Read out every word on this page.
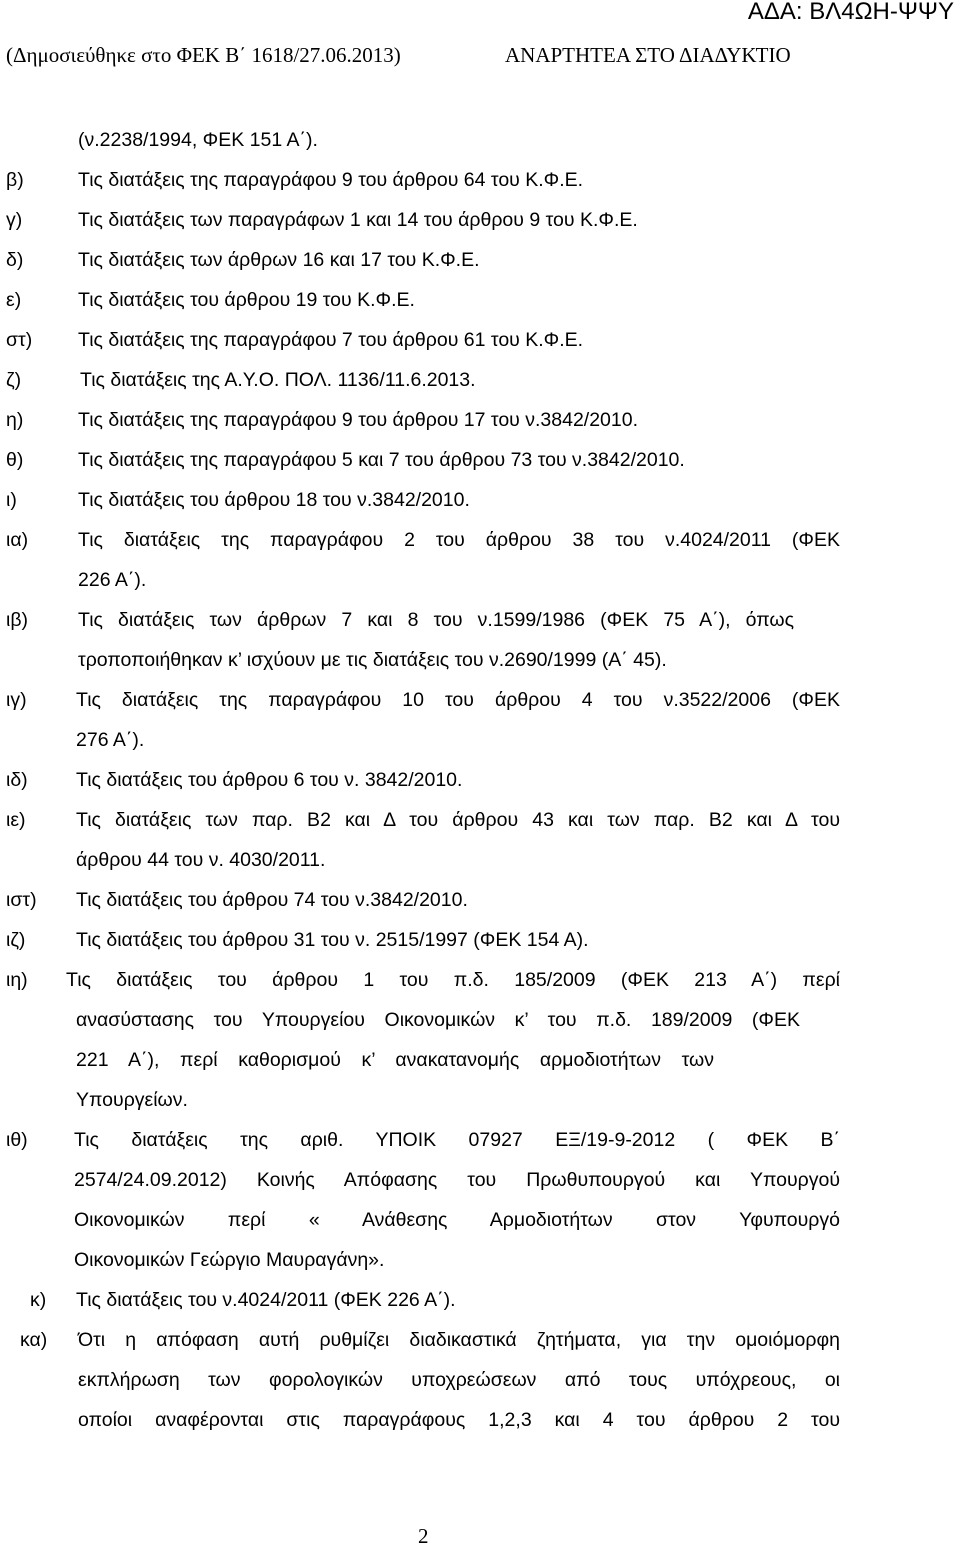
ΑΔΑ: ΒΛ4ΩΗ-ΨΨΥ
(Δημοσιεύθηκε στο ΦΕΚ Β΄ 1618/27.06.2013)	ΑΝΑΡΤΗΤΕΑ ΣΤΟ ΔΙΑΔΥΚΤΙΟ
(ν.2238/1994, ΦΕΚ 151 Α΄).
β)	Τις διατάξεις της παραγράφου 9 του άρθρου 64 του Κ.Φ.Ε.
γ)	Τις διατάξεις των παραγράφων 1 και 14 του άρθρου 9 του Κ.Φ.Ε.
δ)	Τις διατάξεις των άρθρων 16 και 17 του Κ.Φ.Ε.
ε)	Τις διατάξεις του άρθρου 19 του Κ.Φ.Ε.
στ) Τις διατάξεις της παραγράφου 7 του άρθρου 61 του Κ.Φ.Ε.
ζ)	Τις διατάξεις της Α.Υ.Ο. ΠΟΛ. 1136/11.6.2013.
η)	Τις διατάξεις της παραγράφου 9 του άρθρου 17 του ν.3842/2010.
θ)	Τις διατάξεις της παραγράφου 5 και 7 του άρθρου 73 του ν.3842/2010.
ι)	Τις διατάξεις του άρθρου 18 του ν.3842/2010.
ια)	Τις διατάξεις της παραγράφου 2 του άρθρου 38 του ν.4024/2011 (ΦΕΚ
226 Α΄).
ιβ)	Τις διατάξεις των άρθρων 7 και 8 του ν.1599/1986 (ΦΕΚ 75 Α΄), όπως
τροποποιήθηκαν κ’ ισχύουν με τις διατάξεις του ν.2690/1999 (Α΄ 45).
ιγ)	Τις διατάξεις της παραγράφου 10 του άρθρου 4 του ν.3522/2006 (ΦΕΚ
276 Α΄).
ιδ) Τις διατάξεις του άρθρου 6 του ν. 3842/2010.
ιε)	Τις διατάξεις των παρ. Β2 και Δ του άρθρου 43 και των παρ. Β2 και Δ του
άρθρου 44 του ν. 4030/2011.
ιστ) Τις διατάξεις του άρθρου 74 του ν.3842/2010.
ιζ)	Τις διατάξεις του άρθρου 31 του ν. 2515/1997 (ΦΕΚ 154 Α).
ιη) Τις διατάξεις του άρθρου 1 του π.δ. 185/2009 (ΦΕΚ 213 Α΄) περί
ανασύστασης του Υπουργείου Οικονομικών κ’ του π.δ. 189/2009 (ΦΕΚ
221 Α΄), περί καθορισμού κ’ ανακατανομής αρμοδιοτήτων των
Υπουργείων.
ιθ) Τις διατάξεις της αριθ. ΥΠΟΙΚ 07927 ΕΞ/19-9-2012 ( ΦΕΚ Β΄
2574/24.09.2012) Κοινής Απόφασης του Πρωθυπουργού και Υπουργού
Οικονομικών περί « Ανάθεσης Αρμοδιοτήτων στον Υφυπουργό
Οικονομικών Γεώργιο Μαυραγάνη».
κ) Τις διατάξεις του ν.4024/2011 (ΦΕΚ 226 Α΄).
κα) Ότι η απόφαση αυτή ρυθμίζει διαδικαστικά ζητήματα, για την ομοιόμορφη
εκπλήρωση των φορολογικών υποχρεώσεων από τους υπόχρεους, οι
οποίοι αναφέρονται στις παραγράφους 1,2,3 και 4 του άρθρου 2 του
2
